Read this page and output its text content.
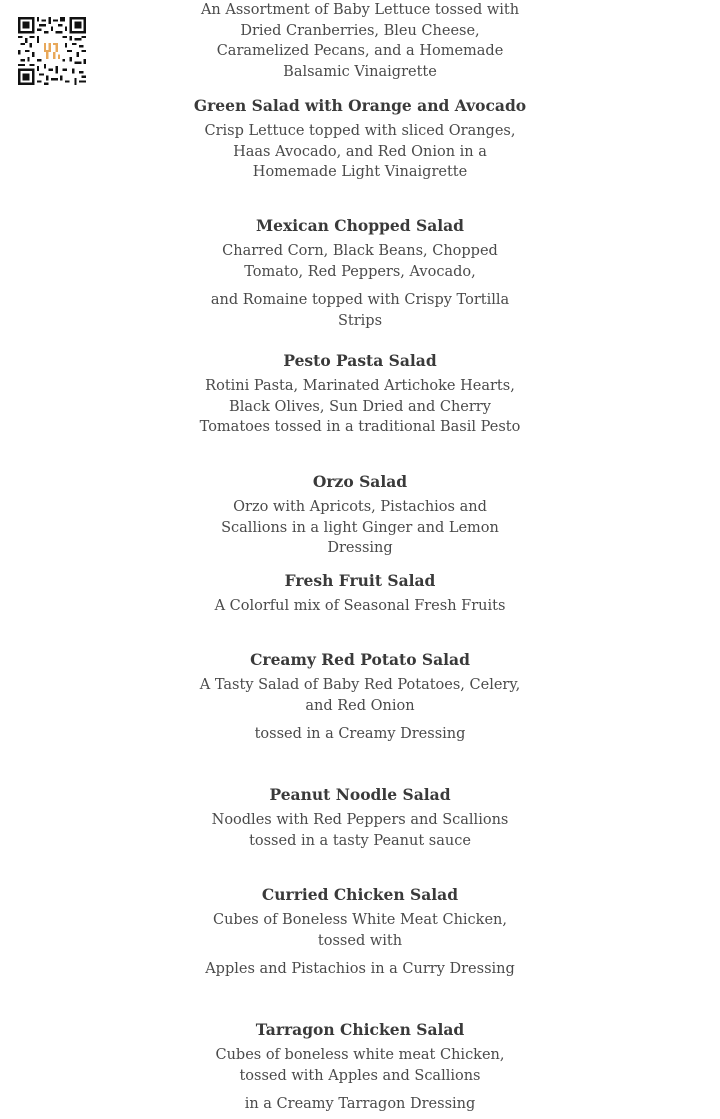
An Assortment of Baby Lettuce tossed with Dried Cranberries, Bleu Cheese, Caramelized Pecans, and a Homemade Balsamic Vinaigrette

Green Salad with Orange and Avocado

Crisp Lettuce topped with sliced Oranges, Haas Avocado, and Red Onion in a Homemade Light Vinaigrette

Mexican Chopped Salad

Charred Corn, Black Beans, Chopped Tomato, Red Peppers, Avocado,

and Romaine topped with Crispy Tortilla Strips

Pesto Pasta Salad

Rotini Pasta, Marinated Artichoke Hearts, Black Olives, Sun Dried and Cherry Tomatoes tossed in a traditional Basil Pesto

Orzo Salad

Orzo with Apricots, Pistachios and Scallions in a light Ginger and Lemon Dressing

Fresh Fruit Salad

A Colorful mix of Seasonal Fresh Fruits

Creamy Red Potato Salad

A Tasty Salad of Baby Red Potatoes, Celery, and Red Onion

tossed in a Creamy Dressing

Peanut Noodle Salad

Noodles with Red Peppers and Scallions tossed in a tasty Peanut sauce

Curried Chicken Salad

Cubes of Boneless White Meat Chicken, tossed with

Apples and Pistachios in a Curry Dressing

Tarragon Chicken Salad

Cubes of boneless white meat Chicken, tossed with Apples and Scallions

in a Creamy Tarragon Dressing
